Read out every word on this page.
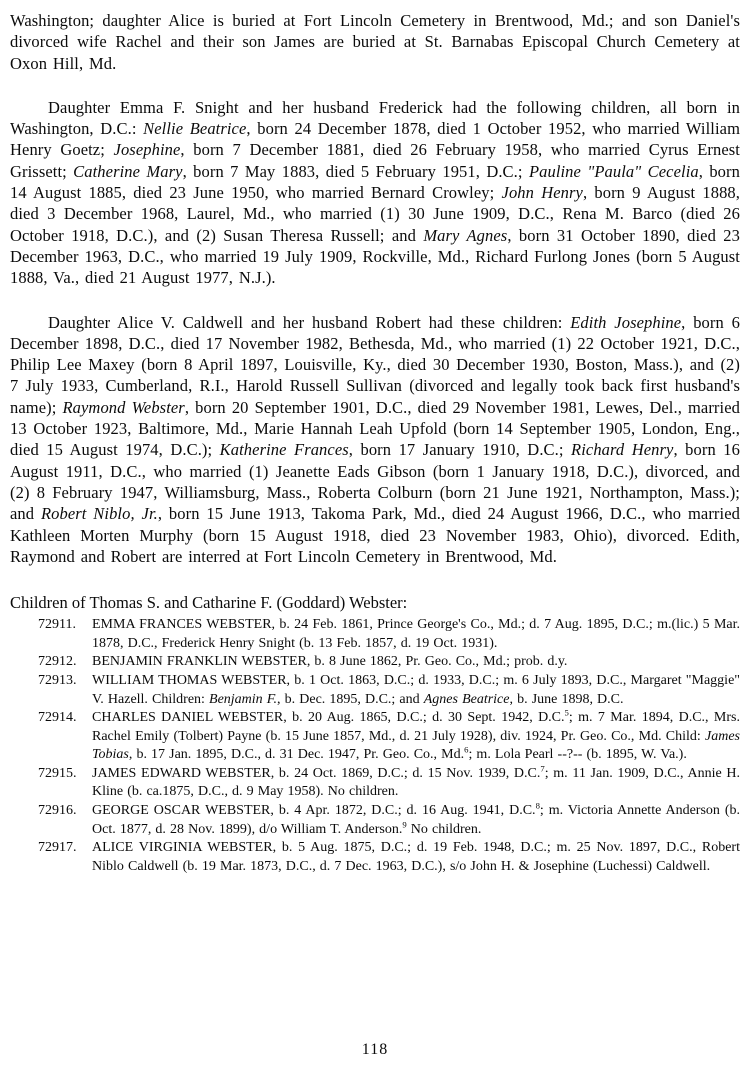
Washington; daughter Alice is buried at Fort Lincoln Cemetery in Brentwood, Md.; and son Daniel's divorced wife Rachel and their son James are buried at St. Barnabas Episcopal Church Cemetery at Oxon Hill, Md.

Daughter Emma F. Snight and her husband Frederick had the following children, all born in Washington, D.C.: Nellie Beatrice, born 24 December 1878, died 1 October 1952, who married William Henry Goetz; Josephine, born 7 December 1881, died 26 February 1958, who married Cyrus Ernest Grissett; Catherine Mary, born 7 May 1883, died 5 February 1951, D.C.; Pauline "Paula" Cecelia, born 14 August 1885, died 23 June 1950, who married Bernard Crowley; John Henry, born 9 August 1888, died 3 December 1968, Laurel, Md., who married (1) 30 June 1909, D.C., Rena M. Barco (died 26 October 1918, D.C.), and (2) Susan Theresa Russell; and Mary Agnes, born 31 October 1890, died 23 December 1963, D.C., who married 19 July 1909, Rockville, Md., Richard Furlong Jones (born 5 August 1888, Va., died 21 August 1977, N.J.).

Daughter Alice V. Caldwell and her husband Robert had these children: Edith Josephine, born 6 December 1898, D.C., died 17 November 1982, Bethesda, Md., who married (1) 22 October 1921, D.C., Philip Lee Maxey (born 8 April 1897, Louisville, Ky., died 30 December 1930, Boston, Mass.), and (2) 7 July 1933, Cumberland, R.I., Harold Russell Sullivan (divorced and legally took back first husband's name); Raymond Webster, born 20 September 1901, D.C., died 29 November 1981, Lewes, Del., married 13 October 1923, Baltimore, Md., Marie Hannah Leah Upfold (born 14 September 1905, London, Eng., died 15 August 1974, D.C.); Katherine Frances, born 17 January 1910, D.C.; Richard Henry, born 16 August 1911, D.C., who married (1) Jeanette Eads Gibson (born 1 January 1918, D.C.), divorced, and (2) 8 February 1947, Williamsburg, Mass., Roberta Colburn (born 21 June 1921, Northampton, Mass.); and Robert Niblo, Jr., born 15 June 1913, Takoma Park, Md., died 24 August 1966, D.C., who married Kathleen Morten Murphy (born 15 August 1918, died 23 November 1983, Ohio), divorced. Edith, Raymond and Robert are interred at Fort Lincoln Cemetery in Brentwood, Md.

Children of Thomas S. and Catharine F. (Goddard) Webster:

72911. EMMA FRANCES WEBSTER, b. 24 Feb. 1861, Prince George's Co., Md.; d. 7 Aug. 1895, D.C.; m.(lic.) 5 Mar. 1878, D.C., Frederick Henry Snight (b. 13 Feb. 1857, d. 19 Oct. 1931).
72912. BENJAMIN FRANKLIN WEBSTER, b. 8 June 1862, Pr. Geo. Co., Md.; prob. d.y.
72913. WILLIAM THOMAS WEBSTER, b. 1 Oct. 1863, D.C.; d. 1933, D.C.; m. 6 July 1893, D.C., Margaret "Maggie" V. Hazell. Children: Benjamin F., b. Dec. 1895, D.C.; and Agnes Beatrice, b. June 1898, D.C.
72914. CHARLES DANIEL WEBSTER, b. 20 Aug. 1865, D.C.; d. 30 Sept. 1942, D.C.$^5$; m. 7 Mar. 1894, D.C., Mrs. Rachel Emily (Tolbert) Payne (b. 15 June 1857, Md., d. 21 July 1928), div. 1924, Pr. Geo. Co., Md. Child: James Tobias, b. 17 Jan. 1895, D.C., d. 31 Dec. 1947, Pr. Geo. Co., Md.$^6$; m. Lola Pearl --?-- (b. 1895, W. Va.).
72915. JAMES EDWARD WEBSTER, b. 24 Oct. 1869, D.C.; d. 15 Nov. 1939, D.C.$^7$; m. 11 Jan. 1909, D.C., Annie H. Kline (b. ca.1875, D.C., d. 9 May 1958). No children.
72916. GEORGE OSCAR WEBSTER, b. 4 Apr. 1872, D.C.; d. 16 Aug. 1941, D.C.$^8$; m. Victoria Annette Anderson (b. Oct. 1877, d. 28 Nov. 1899), d/o William T. Anderson.$^9$ No children.
72917. ALICE VIRGINIA WEBSTER, b. 5 Aug. 1875, D.C.; d. 19 Feb. 1948, D.C.; m. 25 Nov. 1897, D.C., Robert Niblo Caldwell (b. 19 Mar. 1873, D.C., d. 7 Dec. 1963, D.C.), s/o John H. & Josephine (Luchessi) Caldwell.
118
